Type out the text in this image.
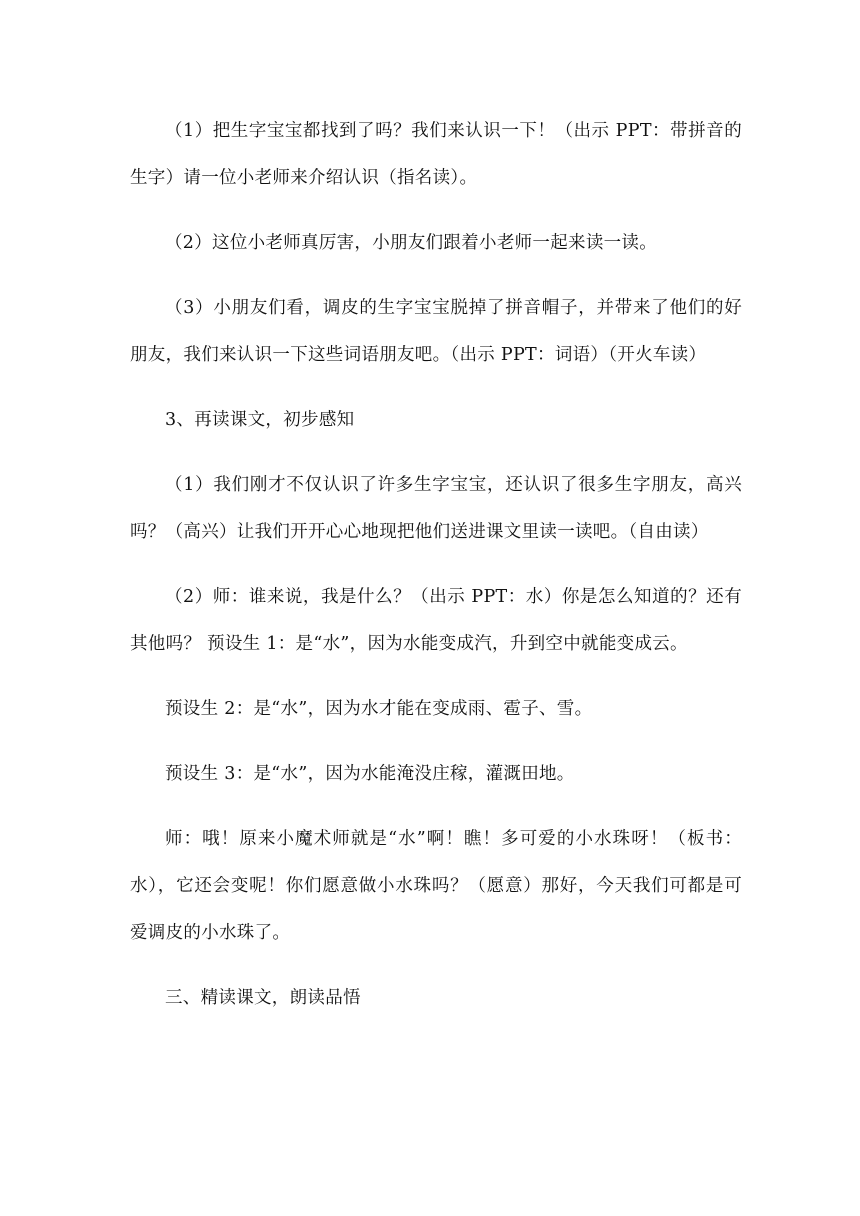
（1）把生字宝宝都找到了吗？我们来认识一下！（出示 PPT：带拼音的生字）请一位小老师来介绍认识（指名读）。

（2）这位小老师真厉害，小朋友们跟着小老师一起来读一读。

（3）小朋友们看，调皮的生字宝宝脱掉了拼音帽子，并带来了他们的好朋友，我们来认识一下这些词语朋友吧。（出示 PPT：词语）（开火车读）

3、再读课文，初步感知

（1）我们刚才不仅认识了许多生字宝宝，还认识了很多生字朋友，高兴吗？（高兴）让我们开开心心地现把他们送进课文里读一读吧。（自由读）

（2）师：谁来说，我是什么？（出示 PPT：水）你是怎么知道的？还有其他吗？ 预设生 1：是“水”，因为水能变成汽，升到空中就能变成云。

预设生 2：是“水”，因为水才能在变成雨、雹子、雪。

预设生 3：是“水”，因为水能淹没庄稼，灌溉田地。

师：哦！原来小魔术师就是“水”啊！瞧！多可爱的小水珠呀！（板书：水），它还会变呢！你们愿意做小水珠吗？（愿意）那好，今天我们可都是可爱调皮的小水珠了。

三、精读课文，朗读品悟
